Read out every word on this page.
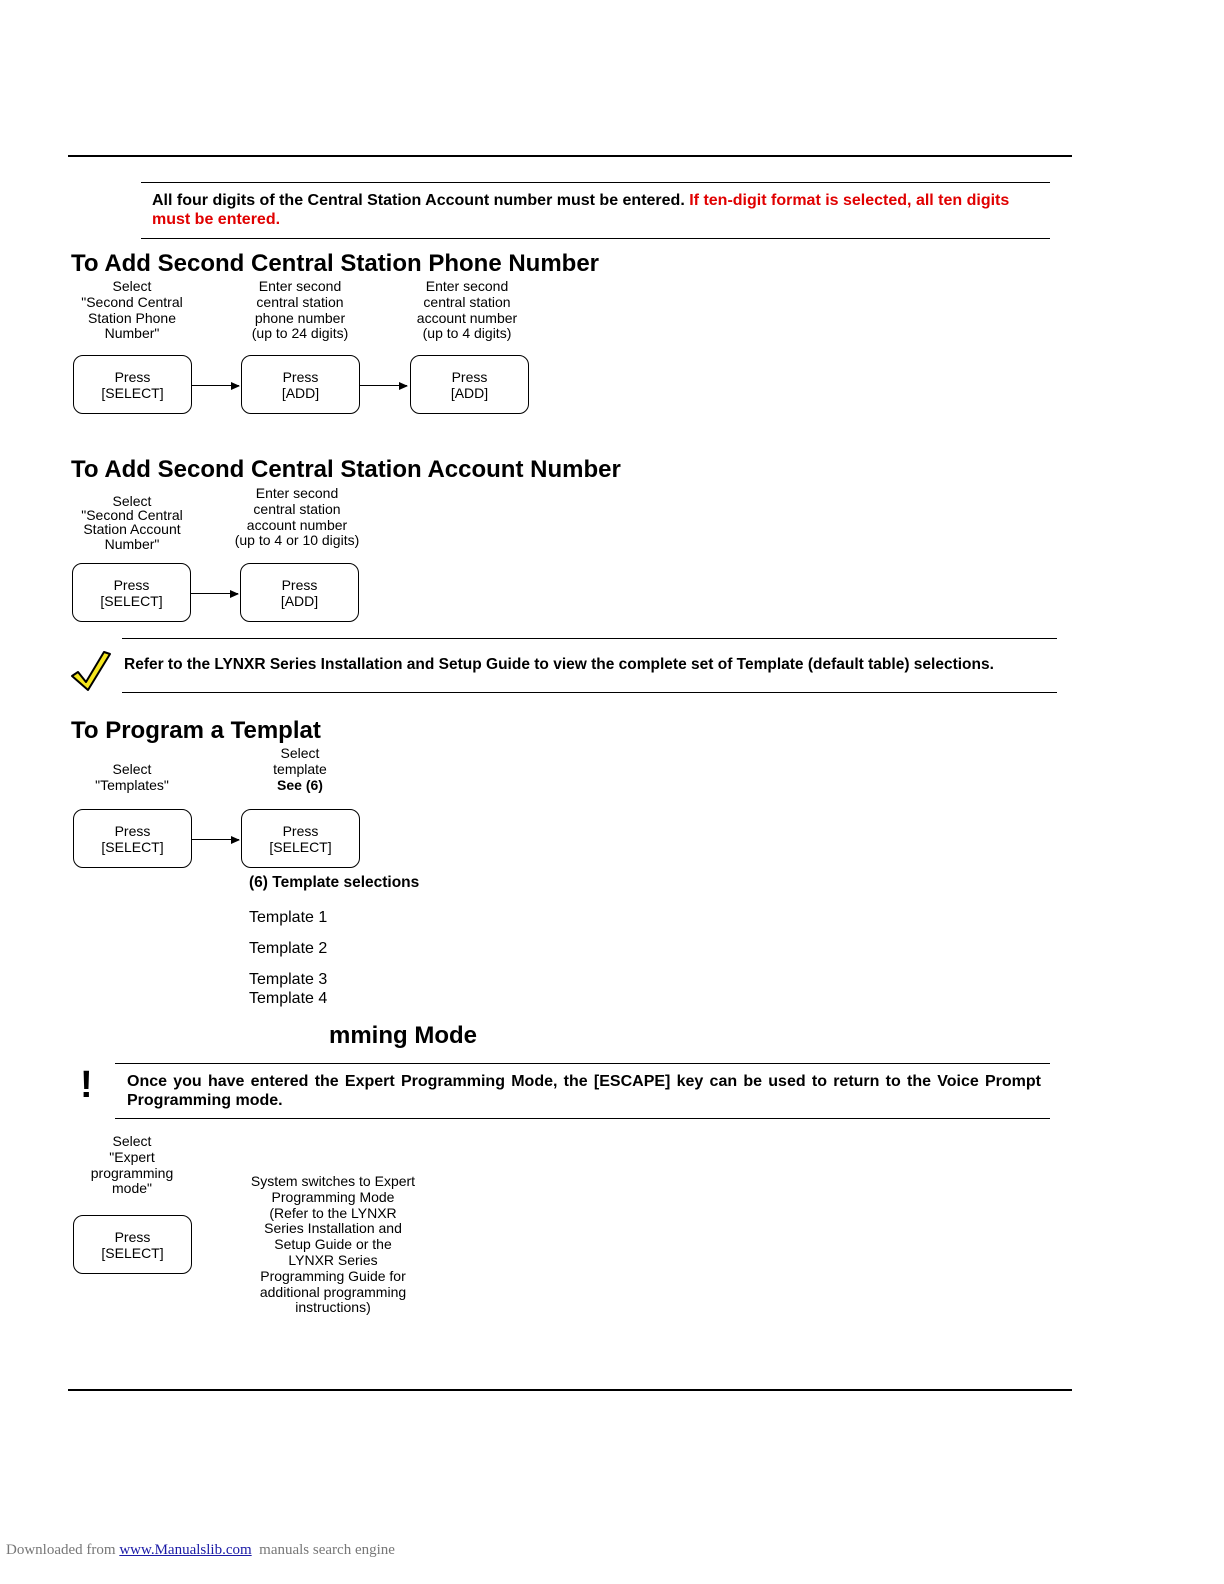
All four digits of the Central Station Account number must be entered. If ten-digit format is selected, all ten digits must be entered.
To Add Second Central Station Phone Number
Select
"Second Central
Station Phone
Number"
Enter second
central station
phone number
(up to 24 digits)
Enter second
central station
account number
(up to 4 digits)
Press
[SELECT]
Press
[ADD]
Press
[ADD]
To Add Second Central Station Account Number
Select
"Second Central
Station Account
Number"
Enter second
central station
account number
(up to 4 or 10 digits)
Press
[SELECT]
Press
[ADD]
Refer to the LYNXR Series Installation and Setup Guide to view the complete set of Template (default table) selections.
To Program a Templat
Select
"Templates"
Select
template
See (6)
Press
[SELECT]
Press
[SELECT]
(6) Template selections
Template 1
Template 2
Template 3
Template 4
mming Mode
! Once you have entered the Expert Programming Mode, the [ESCAPE] key can be used to return to the Voice Prompt Programming mode.
Select
"Expert
programming
mode"
Press
[SELECT]
System switches to Expert
Programming Mode
(Refer to the LYNXR
Series Installation and
Setup Guide or the
LYNXR Series
Programming Guide for
additional programming
instructions)
Downloaded from www.Manualslib.com manuals search engine
